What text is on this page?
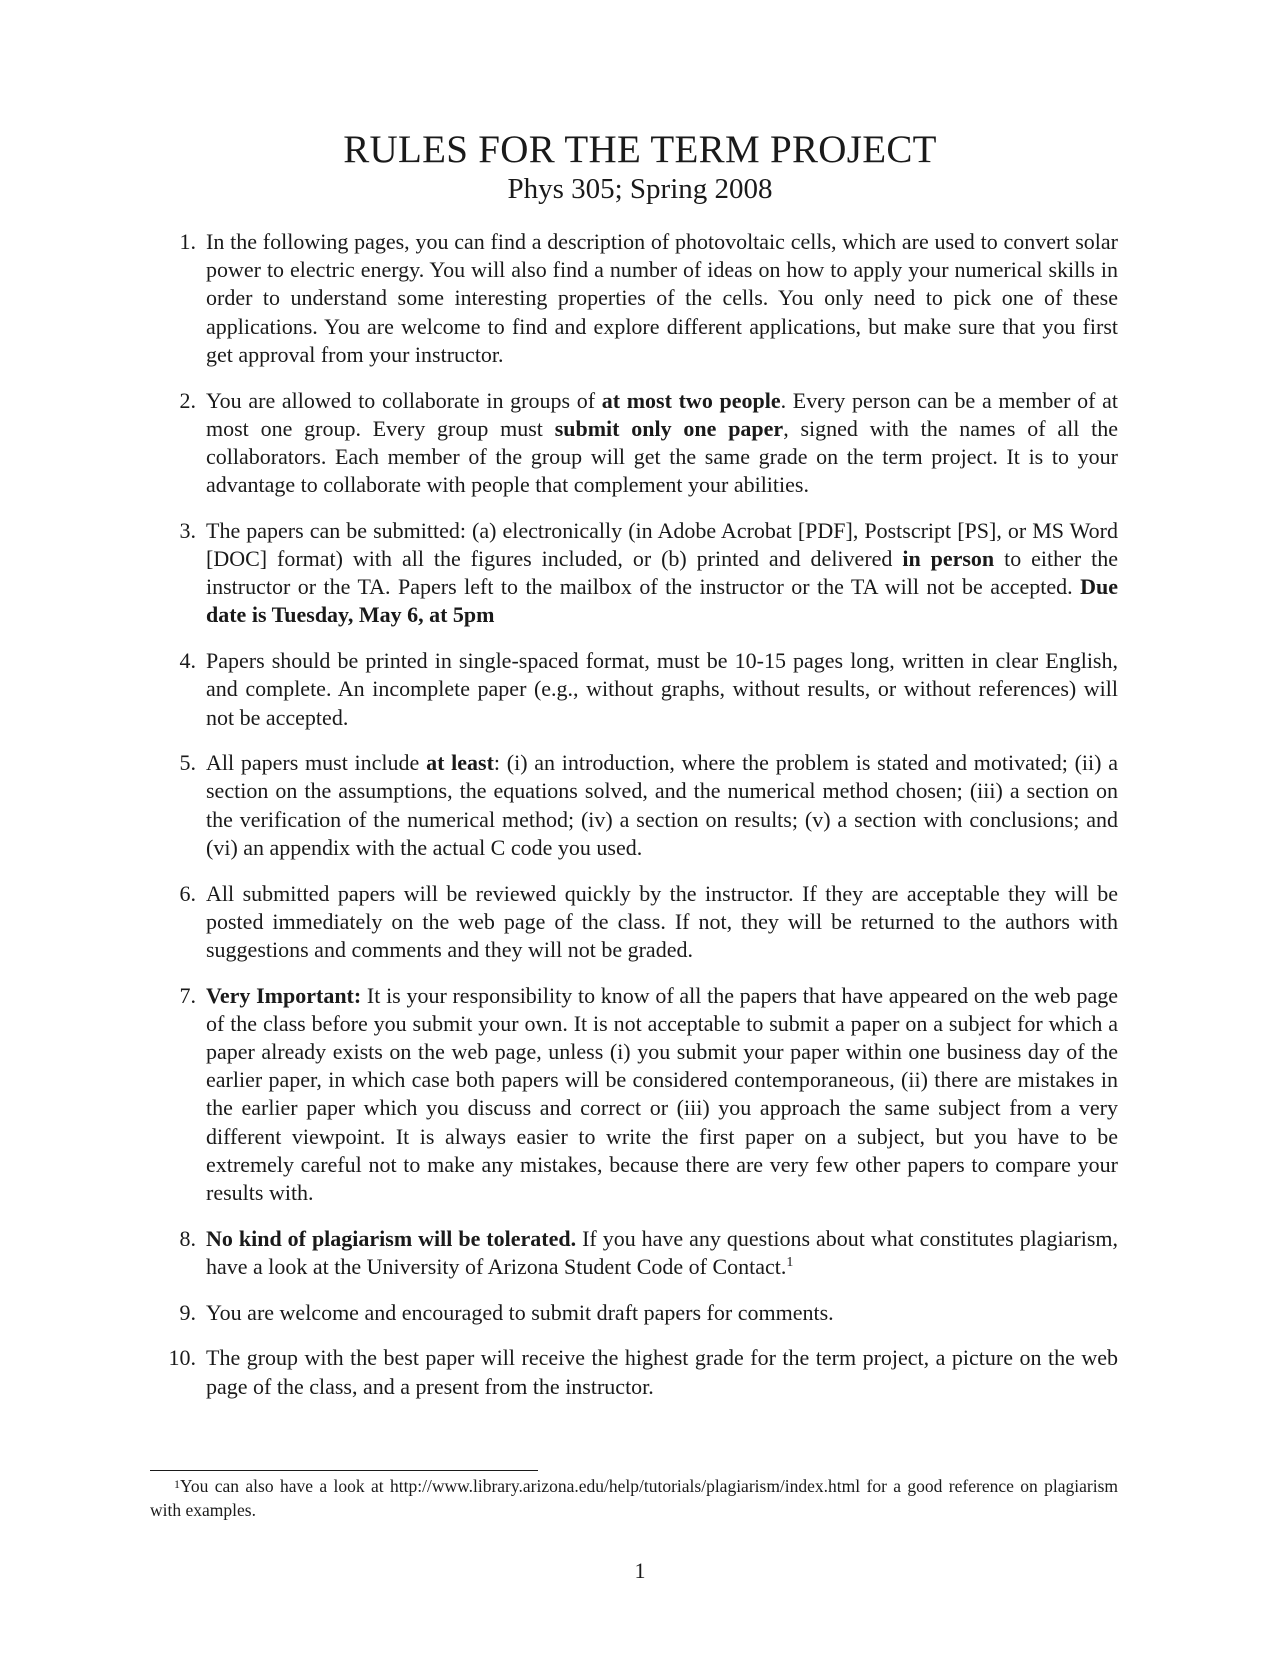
RULES FOR THE TERM PROJECT
Phys 305; Spring 2008
1. In the following pages, you can find a description of photovoltaic cells, which are used to convert solar power to electric energy. You will also find a number of ideas on how to apply your numerical skills in order to understand some interesting properties of the cells. You only need to pick one of these applications. You are welcome to find and explore different applications, but make sure that you first get approval from your instructor.
2. You are allowed to collaborate in groups of at most two people. Every person can be a member of at most one group. Every group must submit only one paper, signed with the names of all the collaborators. Each member of the group will get the same grade on the term project. It is to your advantage to collaborate with people that complement your abilities.
3. The papers can be submitted: (a) electronically (in Adobe Acrobat [PDF], Postscript [PS], or MS Word [DOC] format) with all the figures included, or (b) printed and delivered in person to either the instructor or the TA. Papers left to the mailbox of the instructor or the TA will not be accepted. Due date is Tuesday, May 6, at 5pm
4. Papers should be printed in single-spaced format, must be 10-15 pages long, written in clear English, and complete. An incomplete paper (e.g., without graphs, without results, or without references) will not be accepted.
5. All papers must include at least: (i) an introduction, where the problem is stated and motivated; (ii) a section on the assumptions, the equations solved, and the numerical method chosen; (iii) a section on the verification of the numerical method; (iv) a section on results; (v) a section with conclusions; and (vi) an appendix with the actual C code you used.
6. All submitted papers will be reviewed quickly by the instructor. If they are acceptable they will be posted immediately on the web page of the class. If not, they will be returned to the authors with suggestions and comments and they will not be graded.
7. Very Important: It is your responsibility to know of all the papers that have appeared on the web page of the class before you submit your own. It is not acceptable to submit a paper on a subject for which a paper already exists on the web page, unless (i) you submit your paper within one business day of the earlier paper, in which case both papers will be considered contemporaneous, (ii) there are mistakes in the earlier paper which you discuss and correct or (iii) you approach the same subject from a very different viewpoint. It is always easier to write the first paper on a subject, but you have to be extremely careful not to make any mistakes, because there are very few other papers to compare your results with.
8. No kind of plagiarism will be tolerated. If you have any questions about what constitutes plagiarism, have a look at the University of Arizona Student Code of Contact.$^1$
9. You are welcome and encouraged to submit draft papers for comments.
10. The group with the best paper will receive the highest grade for the term project, a picture on the web page of the class, and a present from the instructor.
$^1$You can also have a look at http://www.library.arizona.edu/help/tutorials/plagiarism/index.html for a good reference on plagiarism with examples.
1
